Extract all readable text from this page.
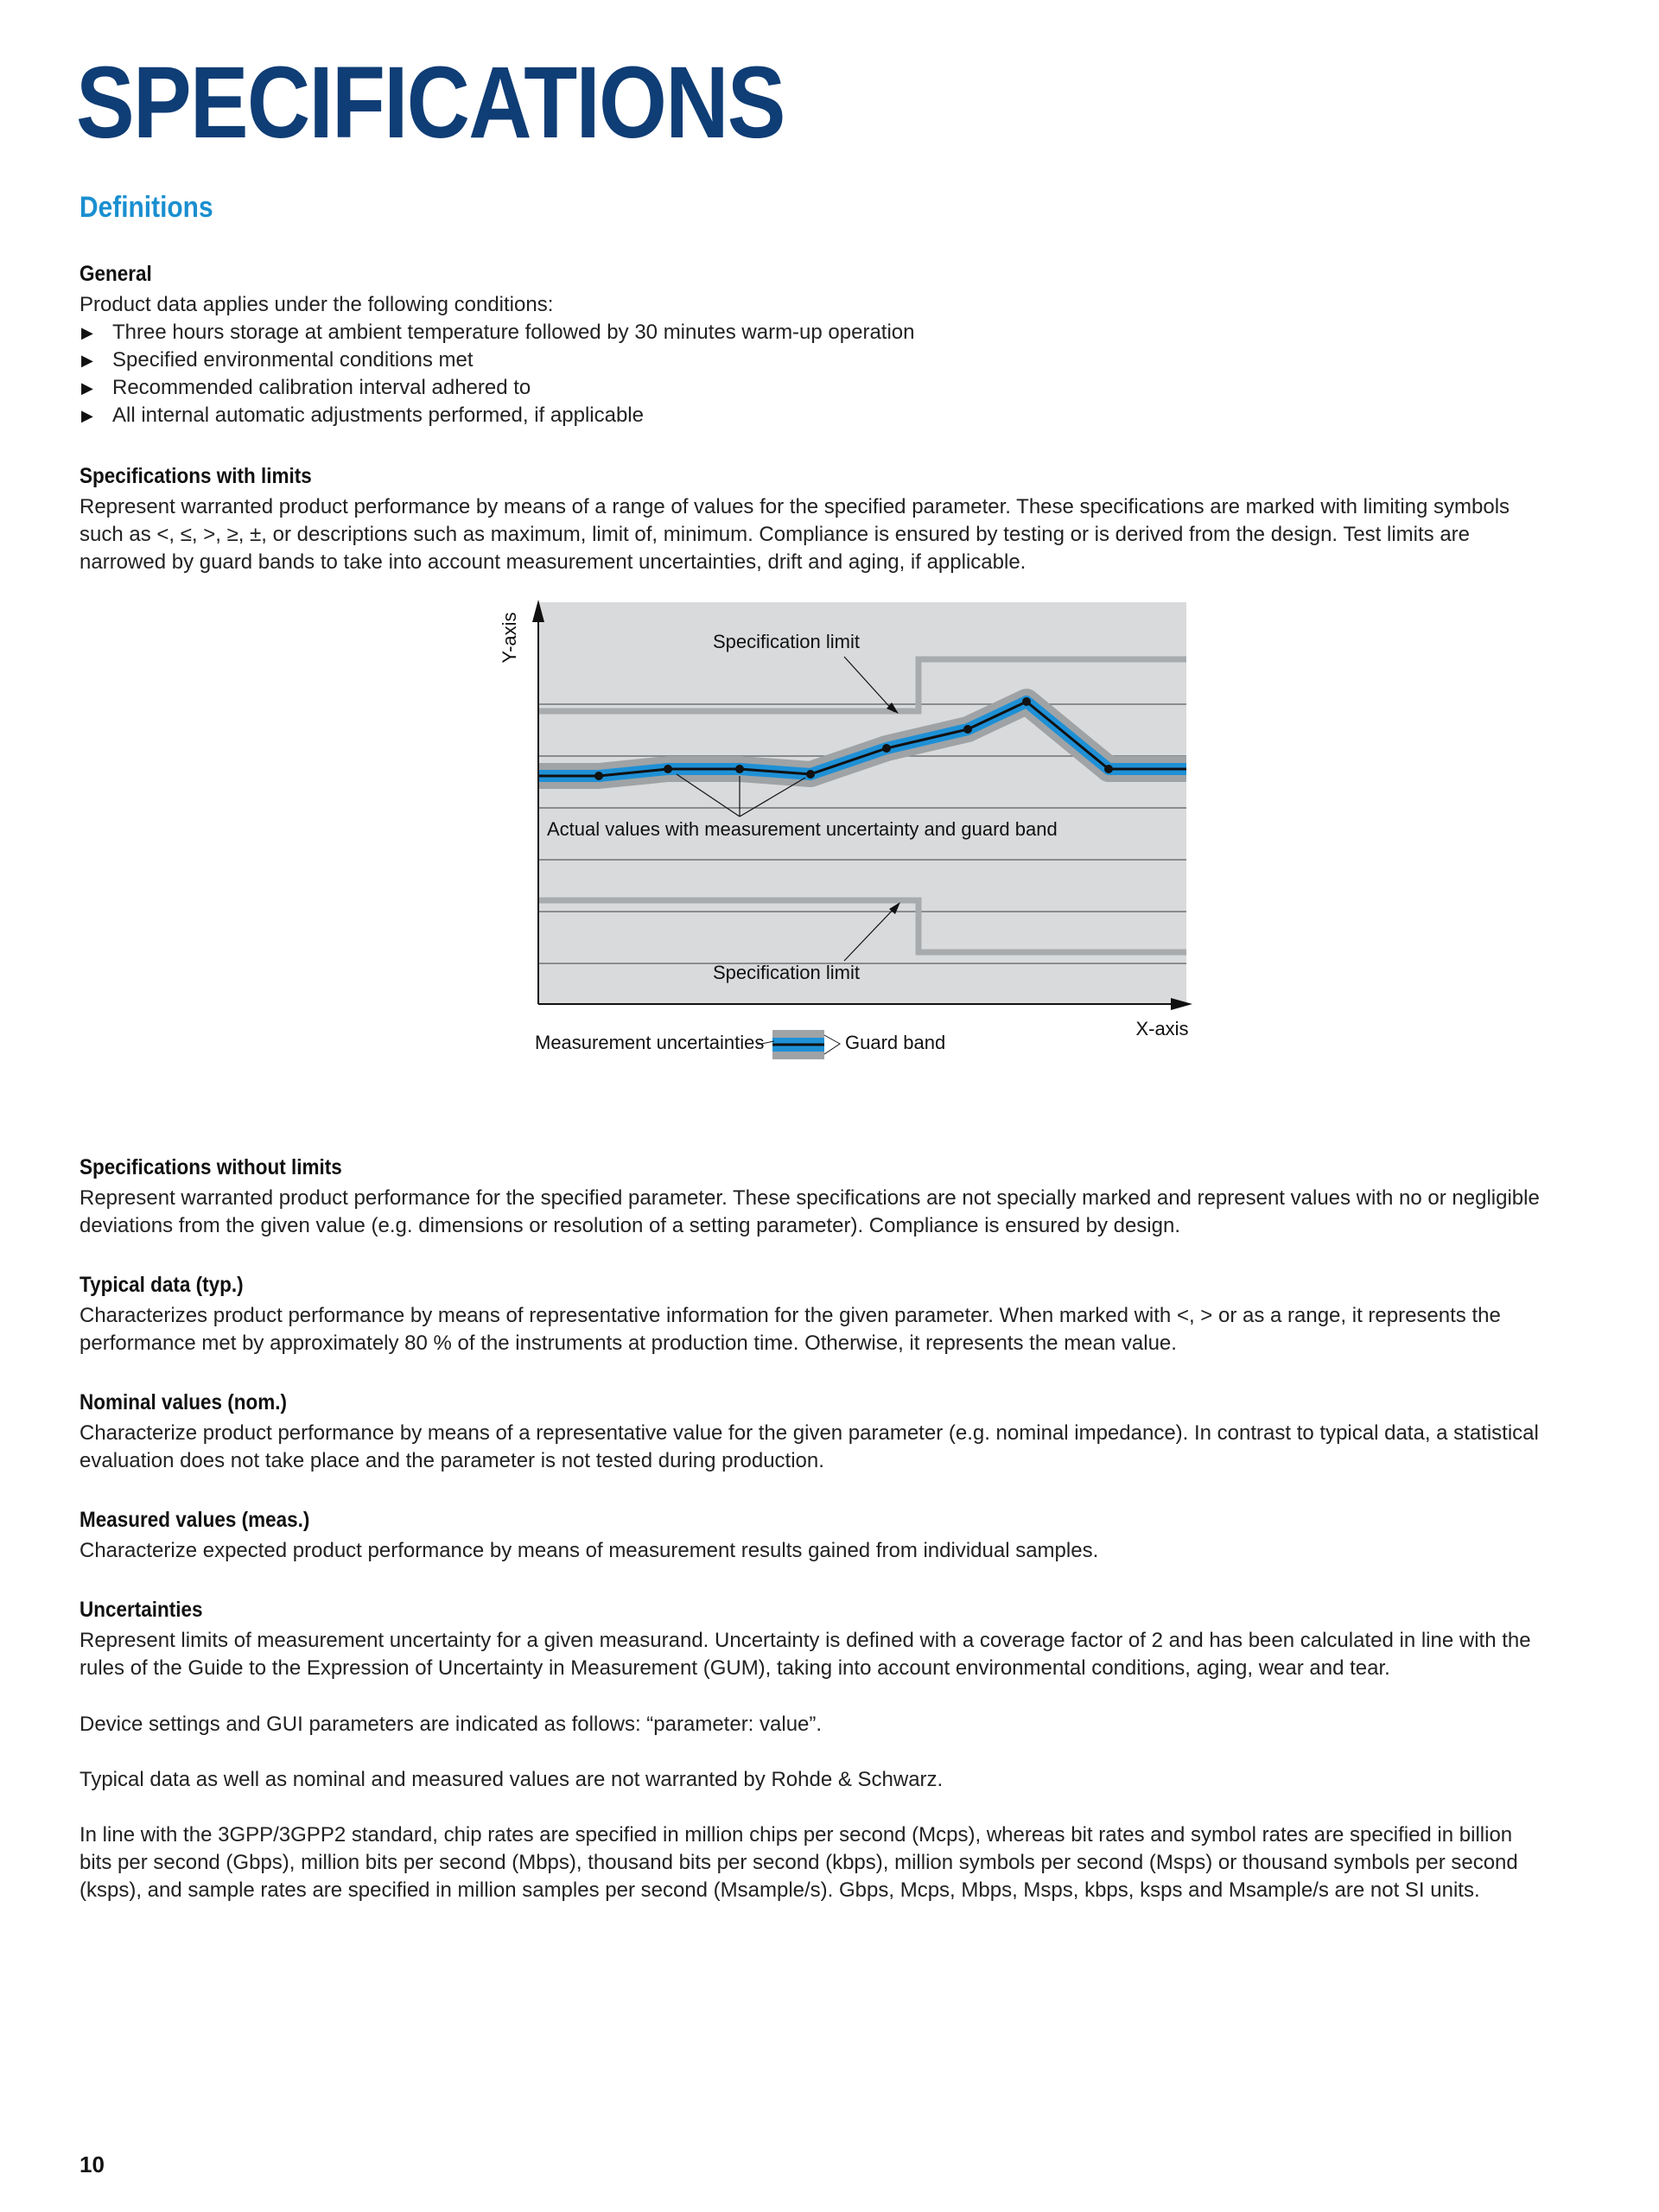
SPECIFICATIONS
Definitions
General

Product data applies under the following conditions:

▶ Three hours storage at ambient temperature followed by 30 minutes warm-up operation
▶ Specified environmental conditions met
▶ Recommended calibration interval adhered to
▶ All internal automatic adjustments performed, if applicable
Specifications with limits

Represent warranted product performance by means of a range of values for the specified parameter. These specifications are marked with limiting symbols such as <, ≤, >, ≥, ±, or descriptions such as maximum, limit of, minimum. Compliance is ensured by testing or is derived from the design. Test limits are narrowed by guard bands to take into account measurement uncertainties, drift and aging, if applicable.

Y-axis
X-axis
Specification limit
Actual values with measurement uncertainty and guard band
Specification limit
Measurement uncertainties	Guard band
Specifications without limits

Represent warranted product performance for the specified parameter. These specifications are not specially marked and represent values with no or negligible deviations from the given value (e.g. dimensions or resolution of a setting parameter). Compliance is ensured by design.

Typical data (typ.)

Characterizes product performance by means of representative information for the given parameter. When marked with <, > or as a range, it represents the performance met by approximately 80 % of the instruments at production time. Otherwise, it represents the mean value.

Nominal values (nom.)

Characterize product performance by means of a representative value for the given parameter (e.g. nominal impedance). In contrast to typical data, a statistical evaluation does not take place and the parameter is not tested during production.

Measured values (meas.)

Characterize expected product performance by means of measurement results gained from individual samples.

Uncertainties

Represent limits of measurement uncertainty for a given measurand. Uncertainty is defined with a coverage factor of 2 and has been calculated in line with the rules of the Guide to the Expression of Uncertainty in Measurement (GUM), taking into account environmental conditions, aging, wear and tear.

Device settings and GUI parameters are indicated as follows: “parameter: value”.

Typical data as well as nominal and measured values are not warranted by Rohde & Schwarz.

In line with the 3GPP/3GPP2 standard, chip rates are specified in million chips per second (Mcps), whereas bit rates and symbol rates are specified in billion bits per second (Gbps), million bits per second (Mbps), thousand bits per second (kbps), million symbols per second (Msps) or thousand symbols per second (ksps), and sample rates are specified in million samples per second (Msample/s). Gbps, Mcps, Mbps, Msps, kbps, ksps and Msample/s are not SI units.

10
